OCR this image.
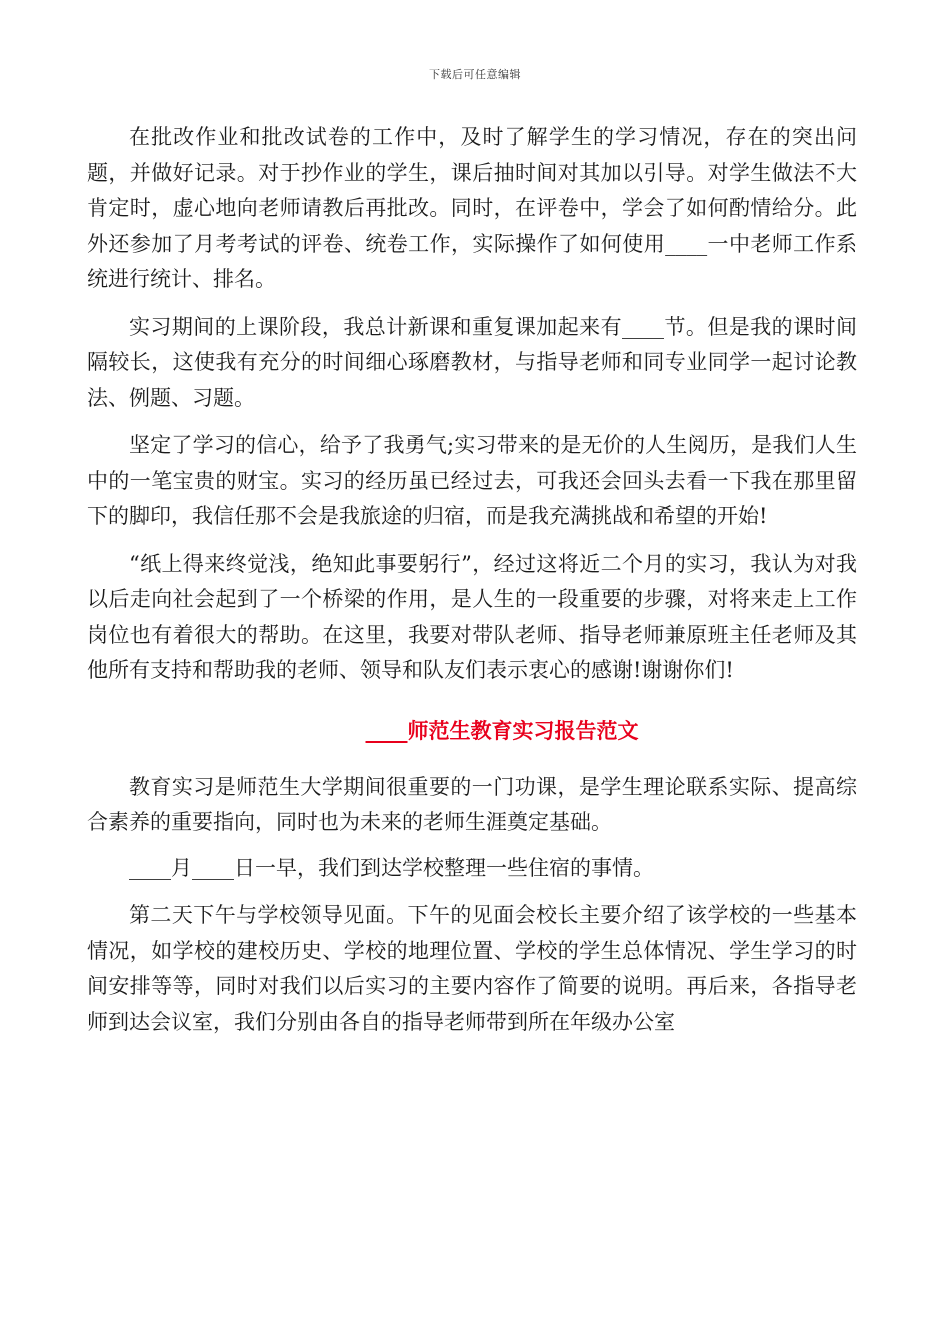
下载后可任意编辑

在批改作业和批改试卷的工作中，及时了解学生的学习情况，存在的突出问题，并做好记录。对于抄作业的学生，课后抽时间对其加以引导。对学生做法不大肯定时，虚心地向老师请教后再批改。同时，在评卷中，学会了如何酌情给分。此外还参加了月考考试的评卷、统卷工作，实际操作了如何使用____一中老师工作系统进行统计、排名。

实习期间的上课阶段，我总计新课和重复课加起来有____节。但是我的课时间隔较长，这使我有充分的时间细心琢磨教材，与指导老师和同专业同学一起讨论教法、例题、习题。

坚定了学习的信心，给予了我勇气;实习带来的是无价的人生阅历，是我们人生中的一笔宝贵的财宝。实习的经历虽已经过去，可我还会回头去看一下我在那里留下的脚印，我信任那不会是我旅途的归宿，而是我充满挑战和希望的开始!

“纸上得来终觉浅，绝知此事要躬行”，经过这将近二个月的实习，我认为对我以后走向社会起到了一个桥梁的作用，是人生的一段重要的步骤，对将来走上工作岗位也有着很大的帮助。在这里，我要对带队老师、指导老师兼原班主任老师及其他所有支持和帮助我的老师、领导和队友们表示衷心的感谢!谢谢你们!

____师范生教育实习报告范文

教育实习是师范生大学期间很重要的一门功课，是学生理论联系实际、提高综合素养的重要指向，同时也为未来的老师生涯奠定基础。

____月____日一早，我们到达学校整理一些住宿的事情。

第二天下午与学校领导见面。下午的见面会校长主要介绍了该学校的一些基本情况，如学校的建校历史、学校的地理位置、学校的学生总体情况、学生学习的时间安排等等，同时对我们以后实习的主要内容作了简要的说明。再后来，各指导老师到达会议室，我们分别由各自的指导老师带到所在年级办公室
